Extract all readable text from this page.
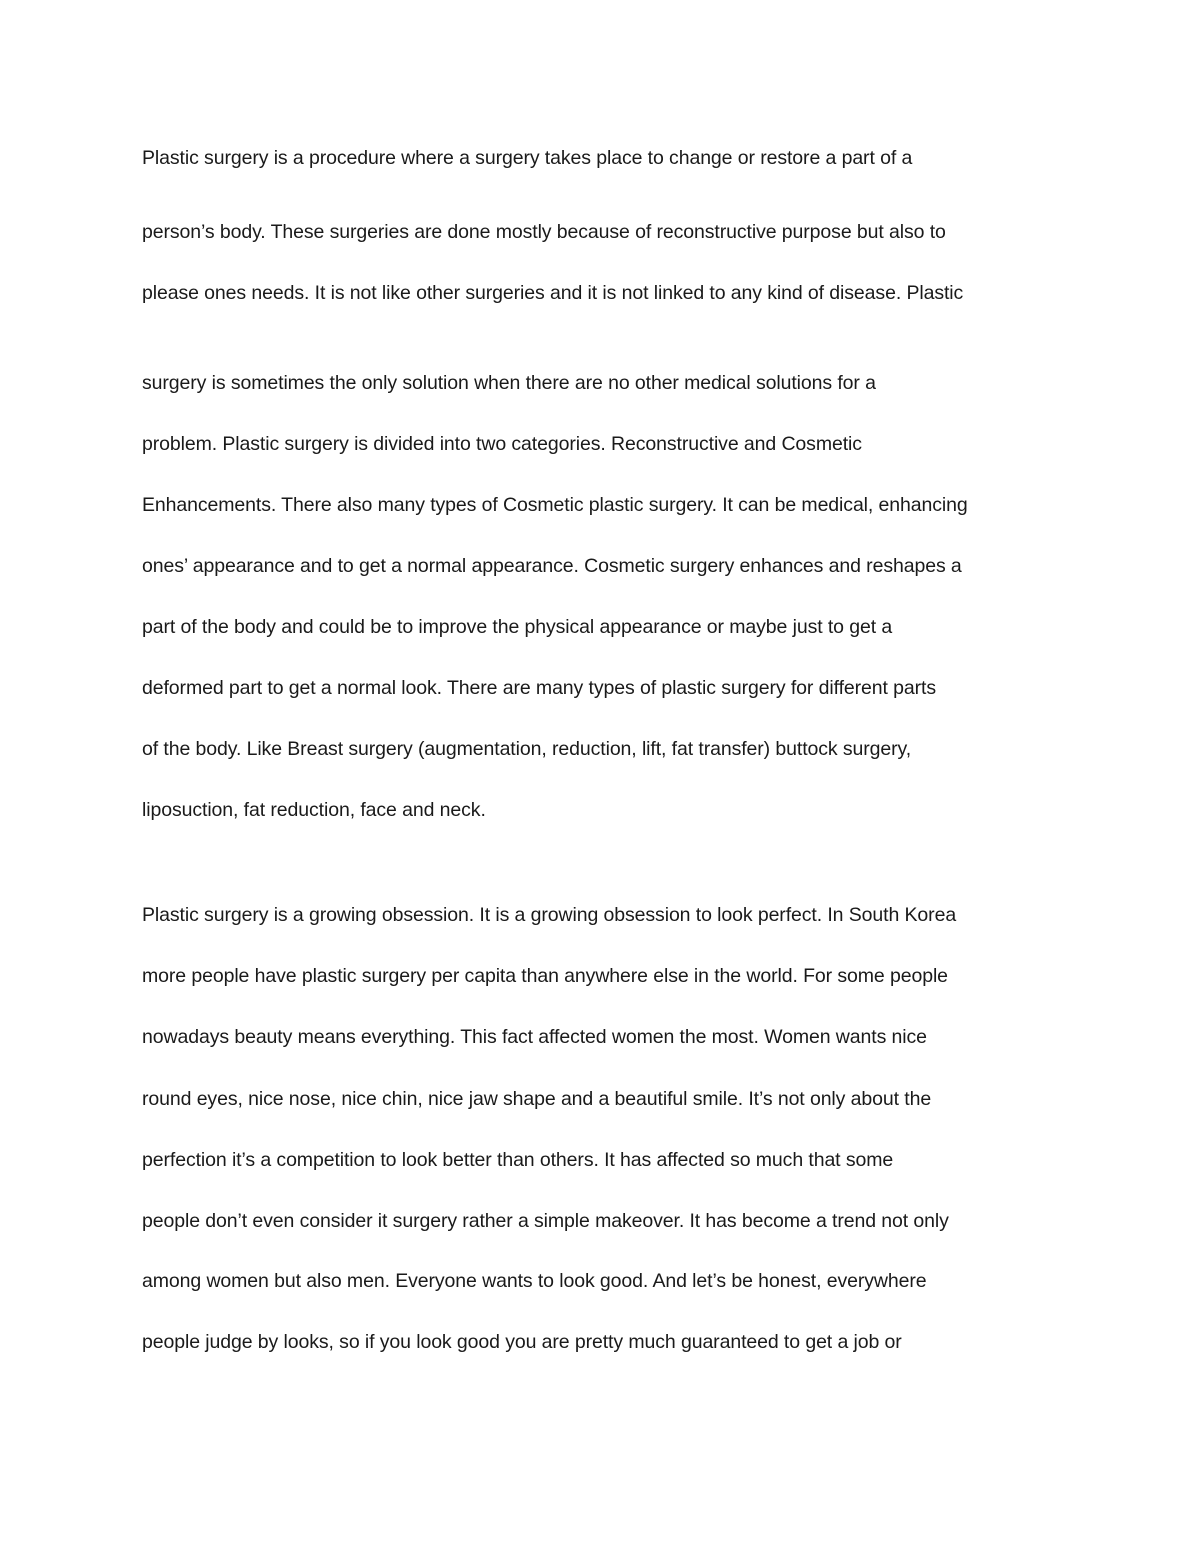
Plastic surgery is a procedure where a surgery takes place to change or restore a part of a
person’s body. These surgeries are done mostly because of reconstructive purpose but also to
please ones needs. It is not like other surgeries and it is not linked to any kind of disease. Plastic
surgery is sometimes the only solution when there are no other medical solutions for a
problem. Plastic surgery is divided into two categories. Reconstructive and Cosmetic
Enhancements. There also many types of Cosmetic plastic surgery. It can be medical, enhancing
ones’ appearance and to get a normal appearance. Cosmetic surgery enhances and reshapes a
part of the body and could be to improve the physical appearance or maybe just to get a
deformed part to get a normal look. There are many types of plastic surgery for different parts
of the body. Like Breast surgery (augmentation, reduction, lift, fat transfer) buttock surgery,
liposuction, fat reduction, face and neck.
Plastic surgery is a growing obsession. It is a growing obsession to look perfect. In South Korea
more people have plastic surgery per capita than anywhere else in the world. For some people
nowadays beauty means everything. This fact affected women the most. Women wants nice
round eyes, nice nose, nice chin, nice jaw shape and a beautiful smile. It’s not only about the
perfection it’s a competition to look better than others. It has affected so much that some
people don’t even consider it surgery rather a simple makeover. It has become a trend not only
among women but also men. Everyone wants to look good. And let’s be honest, everywhere
people judge by looks, so if you look good you are pretty much guaranteed to get a job or
